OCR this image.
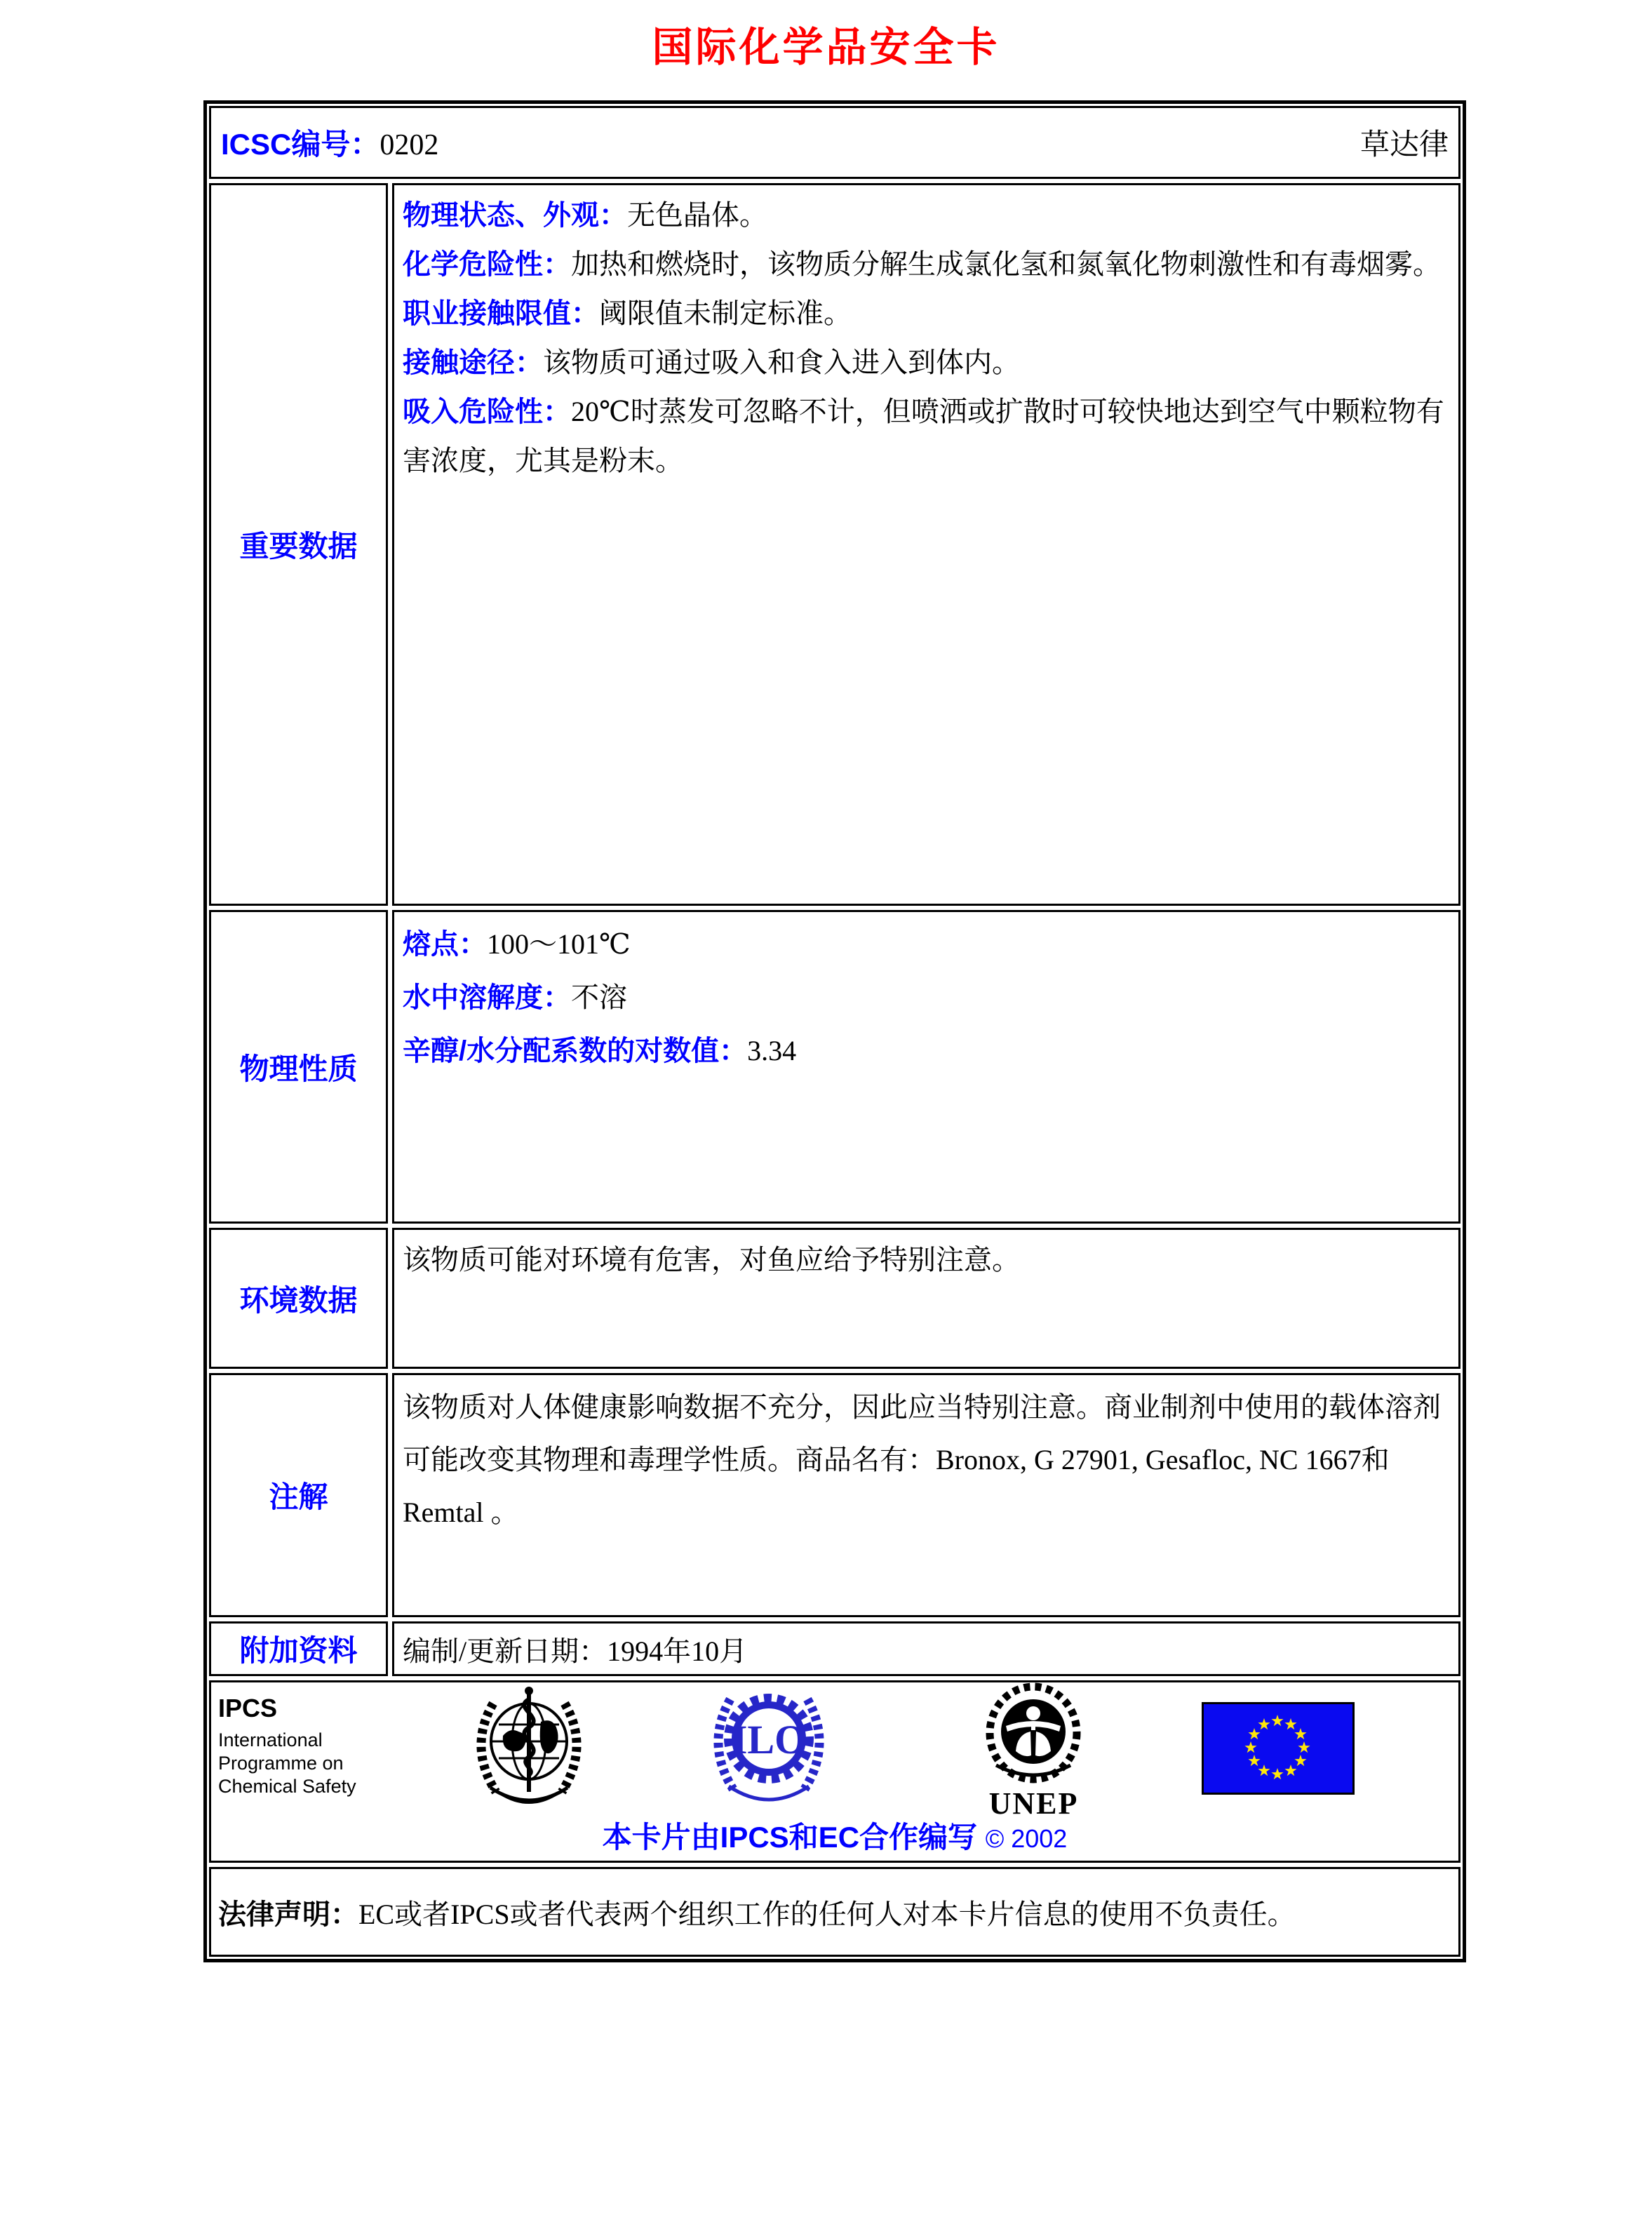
国际化学品安全卡
ICSC编号：0202	草达律
重要数据

物理状态、外观：无色晶体。

化学危险性：加热和燃烧时，该物质分解生成氯化氢和氮氧化物刺激性和有毒烟雾。

职业接触限值：阈限值未制定标准。

接触途径：该物质可通过吸入和食入进入到体内。

吸入危险性：20℃时蒸发可忽略不计，但喷洒或扩散时可较快地达到空气中颗粒物有害浓度，尤其是粉末。

物理性质

熔点：100～101℃

水中溶解度：不溶

辛醇/水分配系数的对数值：3.34

环境数据

该物质可能对环境有危害，对鱼应给予特别注意。

注解

该物质对人体健康影响数据不充分，因此应当特别注意。商业制剂中使用的载体溶剂可能改变其物理和毒理学性质。商品名有：Bronox, G 27901, Gesafloc, NC 1667和Remtal 。

附加资料 编制/更新日期：1994年10月
IPCS
International
Programme on
Chemical Safety
ILO
UNEP
本卡片由IPCS和EC合作编写 © 2002
法律声明：EC或者IPCS或者代表两个组织工作的任何人对本卡片信息的使用不负责任。
